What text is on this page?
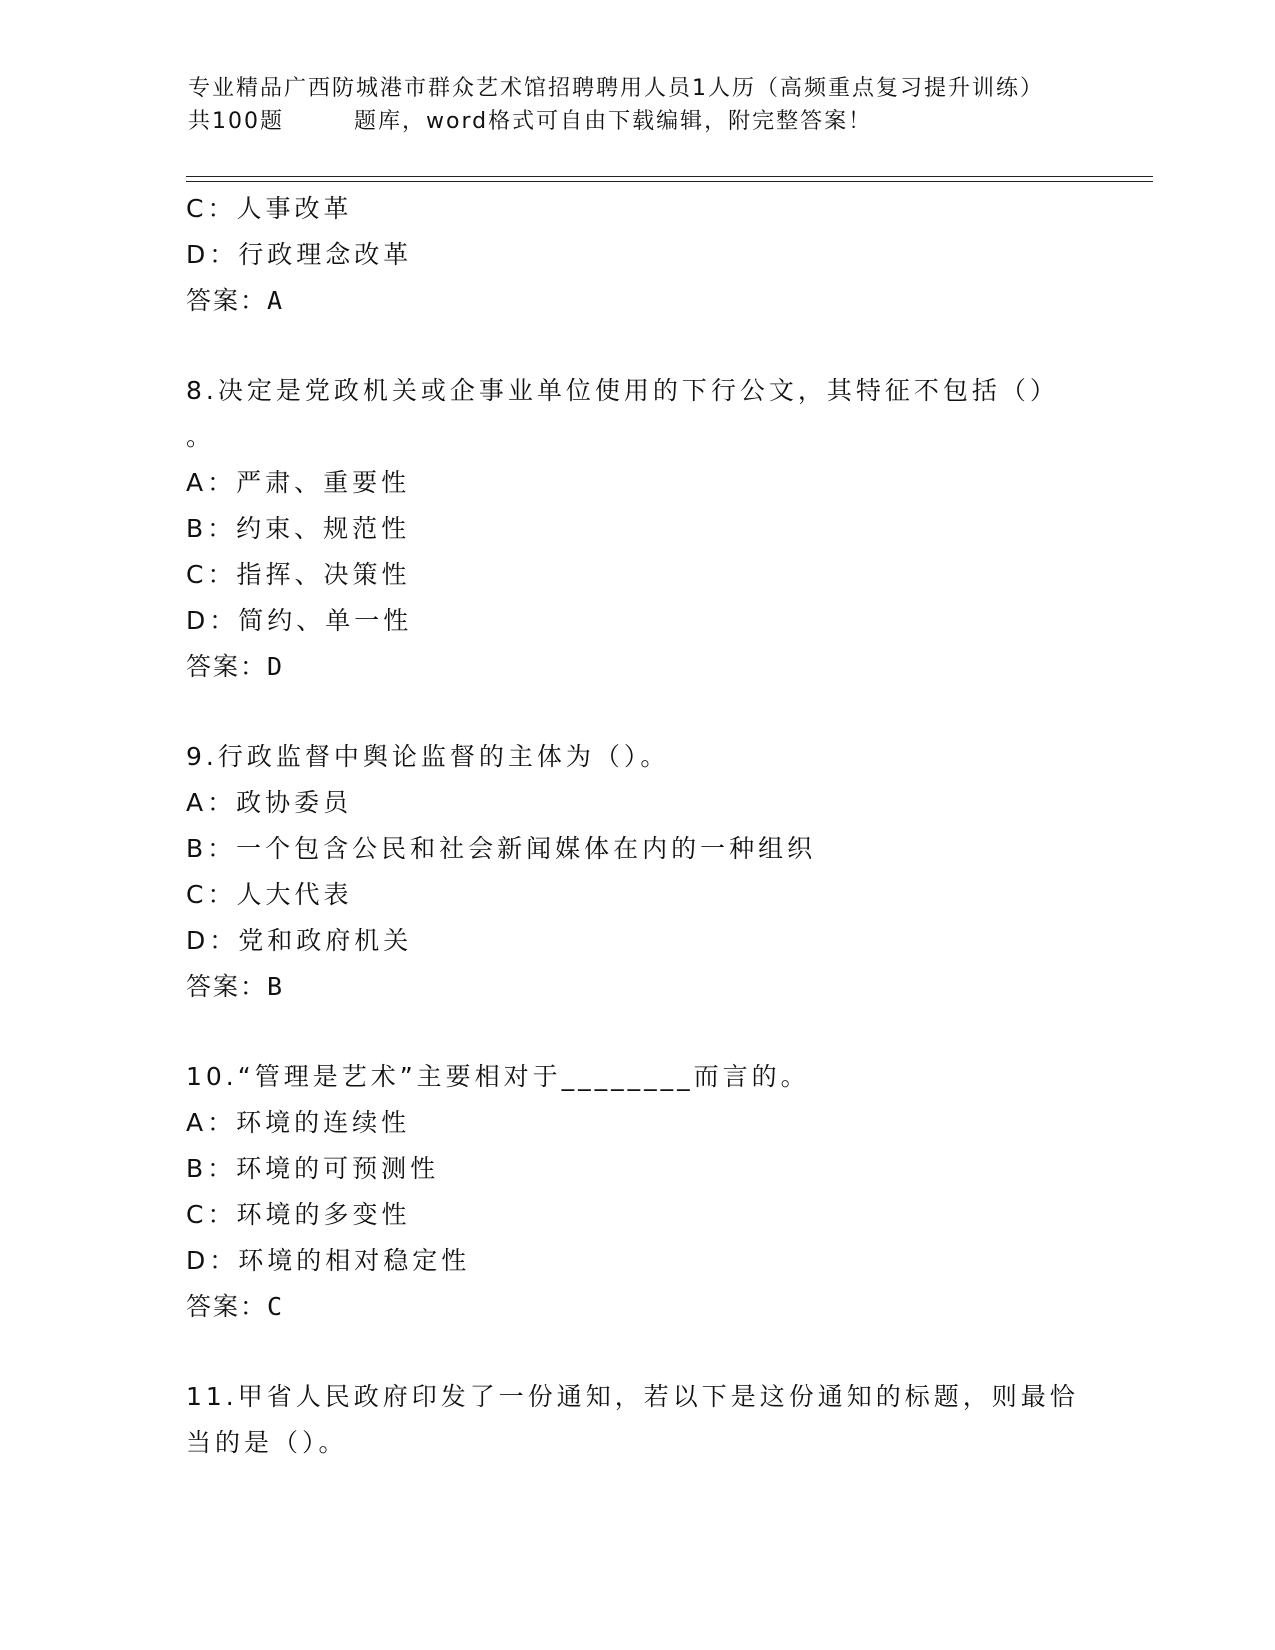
专业精品广西防城港市群众艺术馆招聘聘用人员1人历（高频重点复习提升训练）
共100题	题库，word格式可自由下载编辑，附完整答案！
C：人事改革
D：行政理念改革
答案：A
8.决定是党政机关或企事业单位使用的下行公文，其特征不包括（）
。
A：严肃、重要性
B：约束、规范性
C：指挥、决策性
D：简约、单一性
答案：D
9.行政监督中舆论监督的主体为（）。
A：政协委员
B：一个包含公民和社会新闻媒体在内的一种组织
C：人大代表
D：党和政府机关
答案：B
10.“管理是艺术”主要相对于________而言的。
A：环境的连续性
B：环境的可预测性
C：环境的多变性
D：环境的相对稳定性
答案：C
11.甲省人民政府印发了一份通知，若以下是这份通知的标题，则最恰
当的是（）。
